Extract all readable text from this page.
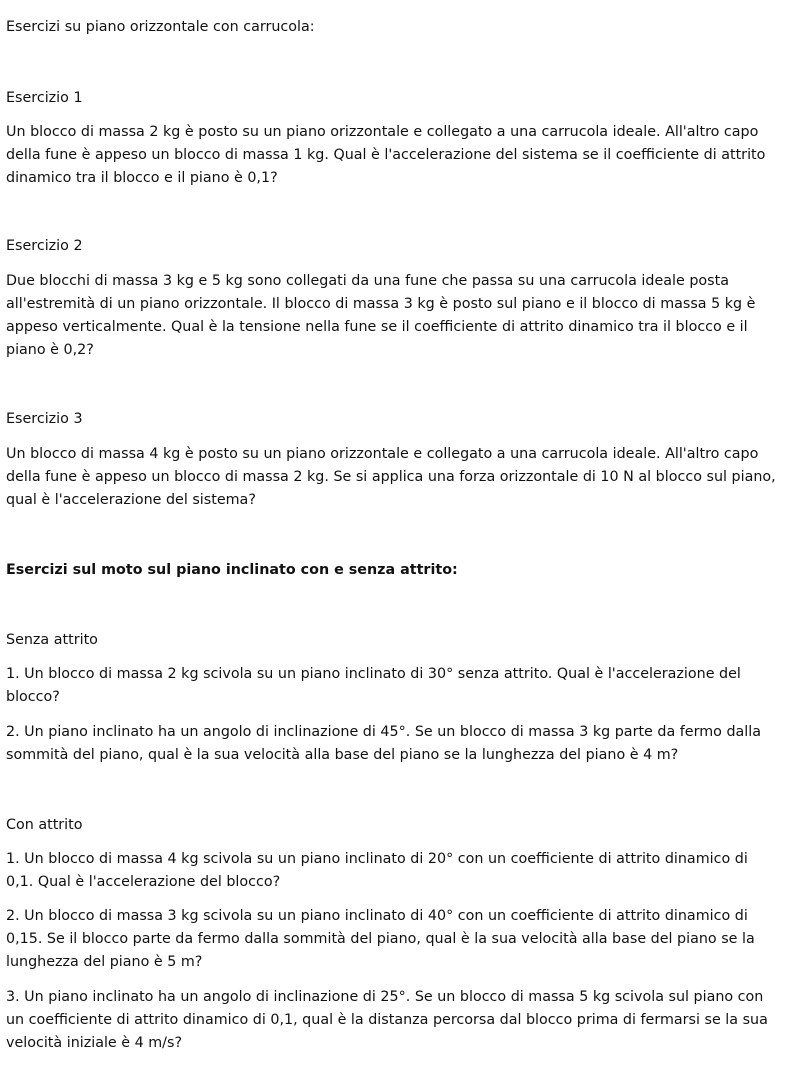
Esercizi su piano orizzontale con carrucola:

Esercizio 1

Un blocco di massa 2 kg è posto su un piano orizzontale e collegato a una carrucola ideale. All'altro capo della fune è appeso un blocco di massa 1 kg. Qual è l'accelerazione del sistema se il coefficiente di attrito dinamico tra il blocco e il piano è 0,1?

Esercizio 2

Due blocchi di massa 3 kg e 5 kg sono collegati da una fune che passa su una carrucola ideale posta all'estremità di un piano orizzontale. Il blocco di massa 3 kg è posto sul piano e il blocco di massa 5 kg è appeso verticalmente. Qual è la tensione nella fune se il coefficiente di attrito dinamico tra il blocco e il piano è 0,2?

Esercizio 3

Un blocco di massa 4 kg è posto su un piano orizzontale e collegato a una carrucola ideale. All'altro capo della fune è appeso un blocco di massa 2 kg. Se si applica una forza orizzontale di 10 N al blocco sul piano, qual è l'accelerazione del sistema?

Esercizi sul moto sul piano inclinato con e senza attrito:

Senza attrito

1. Un blocco di massa 2 kg scivola su un piano inclinato di 30° senza attrito. Qual è l'accelerazione del blocco?

2. Un piano inclinato ha un angolo di inclinazione di 45°. Se un blocco di massa 3 kg parte da fermo dalla sommità del piano, qual è la sua velocità alla base del piano se la lunghezza del piano è 4 m?

Con attrito

1. Un blocco di massa 4 kg scivola su un piano inclinato di 20° con un coefficiente di attrito dinamico di 0,1. Qual è l'accelerazione del blocco?

2. Un blocco di massa 3 kg scivola su un piano inclinato di 40° con un coefficiente di attrito dinamico di 0,15. Se il blocco parte da fermo dalla sommità del piano, qual è la sua velocità alla base del piano se la lunghezza del piano è 5 m?

3. Un piano inclinato ha un angolo di inclinazione di 25°. Se un blocco di massa 5 kg scivola sul piano con un coefficiente di attrito dinamico di 0,1, qual è la distanza percorsa dal blocco prima di fermarsi se la sua velocità iniziale è 4 m/s?
